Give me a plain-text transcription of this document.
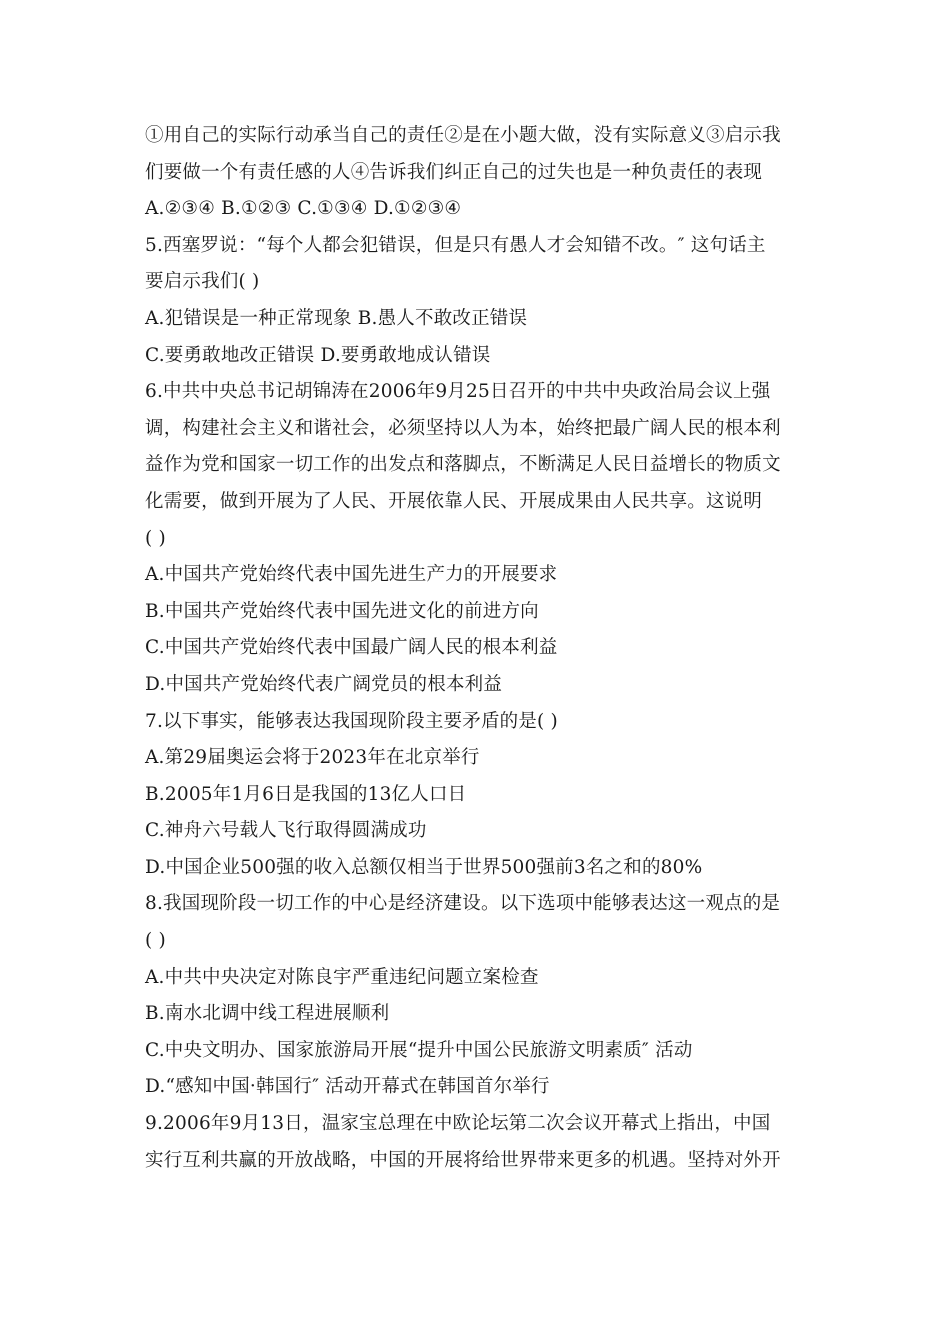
①用自己的实际行动承当自己的责任②是在小题大做，没有实际意义③启示我
们要做一个有责任感的人④告诉我们纠正自己的过失也是一种负责任的表现
A.②③④ B.①②③ C.①③④ D.①②③④
5.西塞罗说：“每个人都会犯错误，但是只有愚人才会知错不改。″ 这句话主
要启示我们( )
A.犯错误是一种正常现象 B.愚人不敢改正错误
C.要勇敢地改正错误 D.要勇敢地成认错误
6.中共中央总书记胡锦涛在2006年9月25日召开的中共中央政治局会议上强
调，构建社会主义和谐社会，必须坚持以人为本，始终把最广阔人民的根本利
益作为党和国家一切工作的出发点和落脚点，不断满足人民日益增长的物质文
化需要，做到开展为了人民、开展依靠人民、开展成果由人民共享。这说明
( )
A.中国共产党始终代表中国先进生产力的开展要求
B.中国共产党始终代表中国先进文化的前进方向
C.中国共产党始终代表中国最广阔人民的根本利益
D.中国共产党始终代表广阔党员的根本利益
7.以下事实，能够表达我国现阶段主要矛盾的是( )
A.第29届奥运会将于2023年在北京举行
B.2005年1月6日是我国的13亿人口日
C.神舟六号载人飞行取得圆满成功
D.中国企业500强的收入总额仅相当于世界500强前3名之和的80%
8.我国现阶段一切工作的中心是经济建设。以下选项中能够表达这一观点的是
( )
A.中共中央决定对陈良宇严重违纪问题立案检查
B.南水北调中线工程进展顺利
C.中央文明办、国家旅游局开展“提升中国公民旅游文明素质″ 活动
D.“感知中国·韩国行″ 活动开幕式在韩国首尔举行
9.2006年9月13日，温家宝总理在中欧论坛第二次会议开幕式上指出，中国
实行互利共赢的开放战略，中国的开展将给世界带来更多的机遇。坚持对外开
